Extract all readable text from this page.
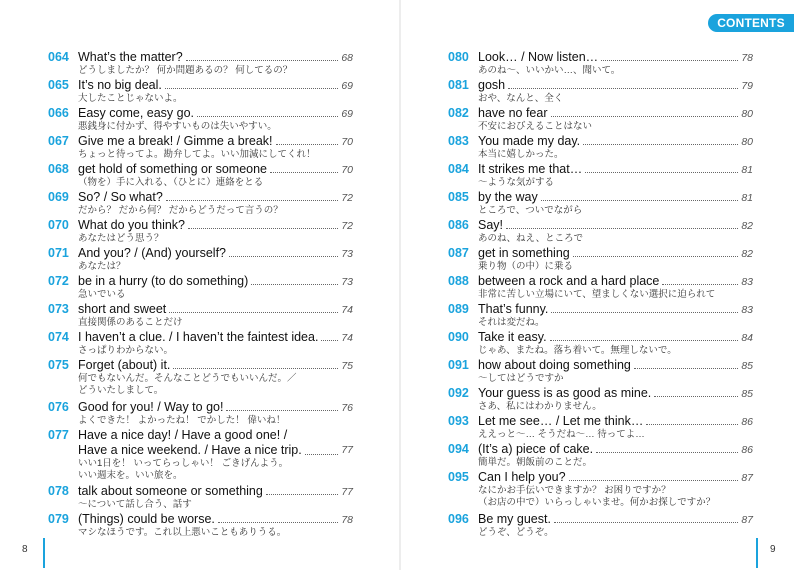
CONTENTS
064 What’s the matter?	68
どうしましたか？ 何か問題あるの？ 何してるの？
065 It’s no big deal.	69
大したことじゃないよ。
066 Easy come, easy go.	69
悪銭身に付かず、得やすいものは失いやすい。
067 Give me a break! / Gimme a break!	70
ちょっと待ってよ。勘弁してよ。いい加減にしてくれ！
068 get hold of something or someone	70
（物を）手に入れる、（ひとに）連絡をとる
069 So? / So what?	72
だから？ だから何？ だからどうだって言うの？
070 What do you think?	72
あなたはどう思う？
071 And you? / (And) yourself?	73
あなたは？
072 be in a hurry (to do something)	73
急いでいる
073 short and sweet	74
直接関係のあることだけ
074 I haven’t a clue. / I haven’t the faintest idea. 74
さっぱりわからない。
075 Forget (about) it.	75
何でもないんだ。そんなことどうでもいいんだ。／
どういたしまして。
076 Good for you! / Way to go!	76
よくできた！ よかったね！ でかした！ 偉いね！
077 Have a nice day! / Have a good one! /
Have a nice weekend. / Have a nice trip.	77
いい1日を！ いってらっしゃい！ ごきげんよう。
いい週末を。いい旅を。
078 talk about someone or something	77
〜について話し合う、話す
079 (Things) could be worse.	78
マシなほうです。これ以上悪いこともありうる。
080 Look… / Now listen…	78
あのね〜、いいかい…、聞いて。
081 gosh	79
おや、なんと、全く
082 have no fear	80
不安におびえることはない
083 You made my day.	80
本当に嬉しかった。
084 It strikes me that…	81
〜ような気がする
085 by the way	81
ところで、ついでながら
086 Say!	82
あのね、ねえ、ところで
087 get in something	82
乗り物（の中）に乗る
088 between a rock and a hard place	83
非常に苦しい立場にいて、望ましくない選択に迫られて
089 That’s funny.	83
それは変だね。
090 Take it easy.	84
じゃあ、またね。落ち着いて。無理しないで。
091 how about doing something	85
〜してはどうですか
092 Your guess is as good as mine.	85
さあ、私にはわかりません。
093 Let me see… / Let me think…	86
ええっと〜… そうだね〜… 待ってよ…
094 (It’s a) piece of cake.	86
簡単だ。朝飯前のことだ。
095 Can I help you?	87
なにかお手伝いできますか？ お困りですか？
（お店の中で）いらっしゃいませ。何かお探しですか？
096 Be my guest.	87
どうぞ、どうぞ。
8	9
